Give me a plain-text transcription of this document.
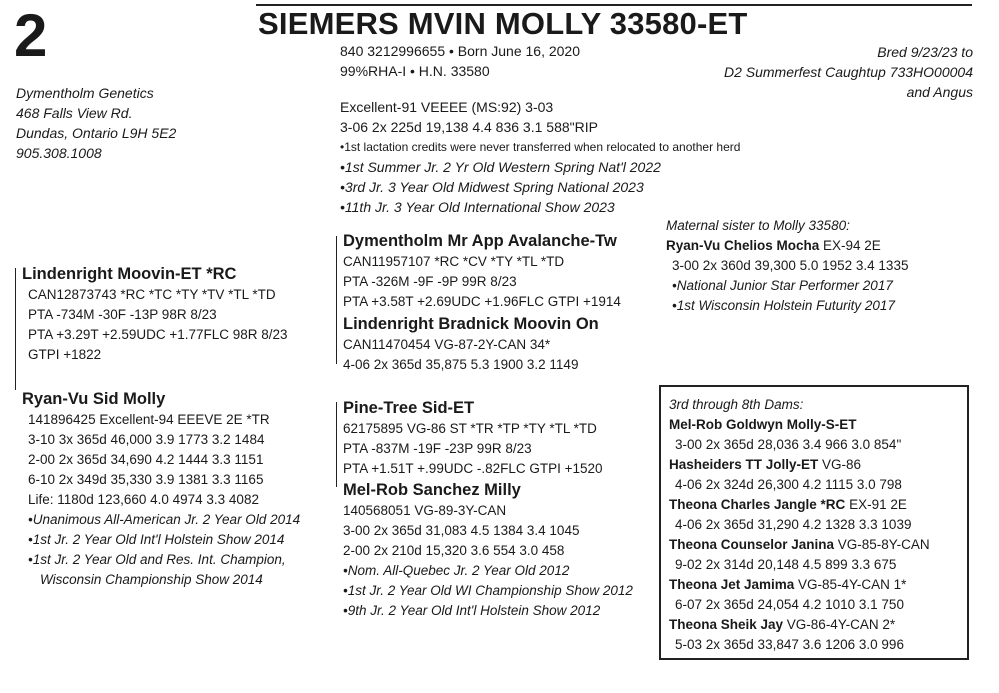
2	SIEMERS MVIN MOLLY 33580-ET
Dymentholm Genetics
468 Falls View Rd.
Dundas, Ontario L9H 5E2
905.308.1008
840 3212996655 • Born June 16, 2020
99%RHA-I • H.N. 33580
Bred 9/23/23 to
D2 Summerfest Caughtup 733HO00004
and Angus
Excellent-91 VEEEE (MS:92) 3-03
3-06 2x 225d 19,138 4.4 836 3.1 588"RIP
•1st lactation credits were never transferred when relocated to another herd
•1st Summer Jr. 2 Yr Old Western Spring Nat'l 2022
•3rd Jr. 3 Year Old Midwest Spring National 2023
•11th Jr. 3 Year Old International Show 2023
Dymentholm Mr App Avalanche-Tw
CAN11957107 *RC *CV *TY *TL *TD
PTA -326M -9F -9P 99R 8/23
PTA +3.58T +2.69UDC +1.96FLC GTPI +1914
Lindenright Bradnick Moovin On
CAN11470454 VG-87-2Y-CAN 34*
4-06 2x 365d 35,875 5.3 1900 3.2 1149
Lindenright Moovin-ET *RC
CAN12873743 *RC *TC *TY *TV *TL *TD
PTA -734M -30F -13P 98R 8/23
PTA +3.29T +2.59UDC +1.77FLC 98R 8/23
GTPI +1822
Ryan-Vu Sid Molly
141896425 Excellent-94 EEEVE 2E *TR
3-10 3x 365d 46,000 3.9 1773 3.2 1484
2-00 2x 365d 34,690 4.2 1444 3.3 1151
6-10 2x 349d 35,330 3.9 1381 3.3 1165
Life: 1180d 123,660 4.0 4974 3.3 4082
•Unanimous All-American Jr. 2 Year Old 2014
•1st Jr. 2 Year Old Int'l Holstein Show 2014
•1st Jr. 2 Year Old and Res. Int. Champion,
Wisconsin Championship Show 2014
Pine-Tree Sid-ET
62175895 VG-86 ST *TR *TP *TY *TL *TD
PTA -837M -19F -23P 99R 8/23
PTA +1.51T +.99UDC -.82FLC GTPI +1520
Mel-Rob Sanchez Milly
140568051 VG-89-3Y-CAN
3-00 2x 365d 31,083 4.5 1384 3.4 1045
2-00 2x 210d 15,320 3.6 554 3.0 458
•Nom. All-Quebec Jr. 2 Year Old 2012
•1st Jr. 2 Year Old WI Championship Show 2012
•9th Jr. 2 Year Old Int'l Holstein Show 2012
Maternal sister to Molly 33580:
Ryan-Vu Chelios Mocha EX-94 2E
3-00 2x 360d 39,300 5.0 1952 3.4 1335
•National Junior Star Performer 2017
•1st Wisconsin Holstein Futurity 2017
3rd through 8th Dams:
Mel-Rob Goldwyn Molly-S-ET
3-00 2x 365d 28,036 3.4 966 3.0 854"
Hasheiders TT Jolly-ET VG-86
4-06 2x 324d 26,300 4.2 1115 3.0 798
Theona Charles Jangle *RC EX-91 2E
4-06 2x 365d 31,290 4.2 1328 3.3 1039
Theona Counselor Janina VG-85-8Y-CAN
9-02 2x 314d 20,148 4.5 899 3.3 675
Theona Jet Jamima VG-85-4Y-CAN 1*
6-07 2x 365d 24,054 4.2 1010 3.1 750
Theona Sheik Jay VG-86-4Y-CAN 2*
5-03 2x 365d 33,847 3.6 1206 3.0 996
